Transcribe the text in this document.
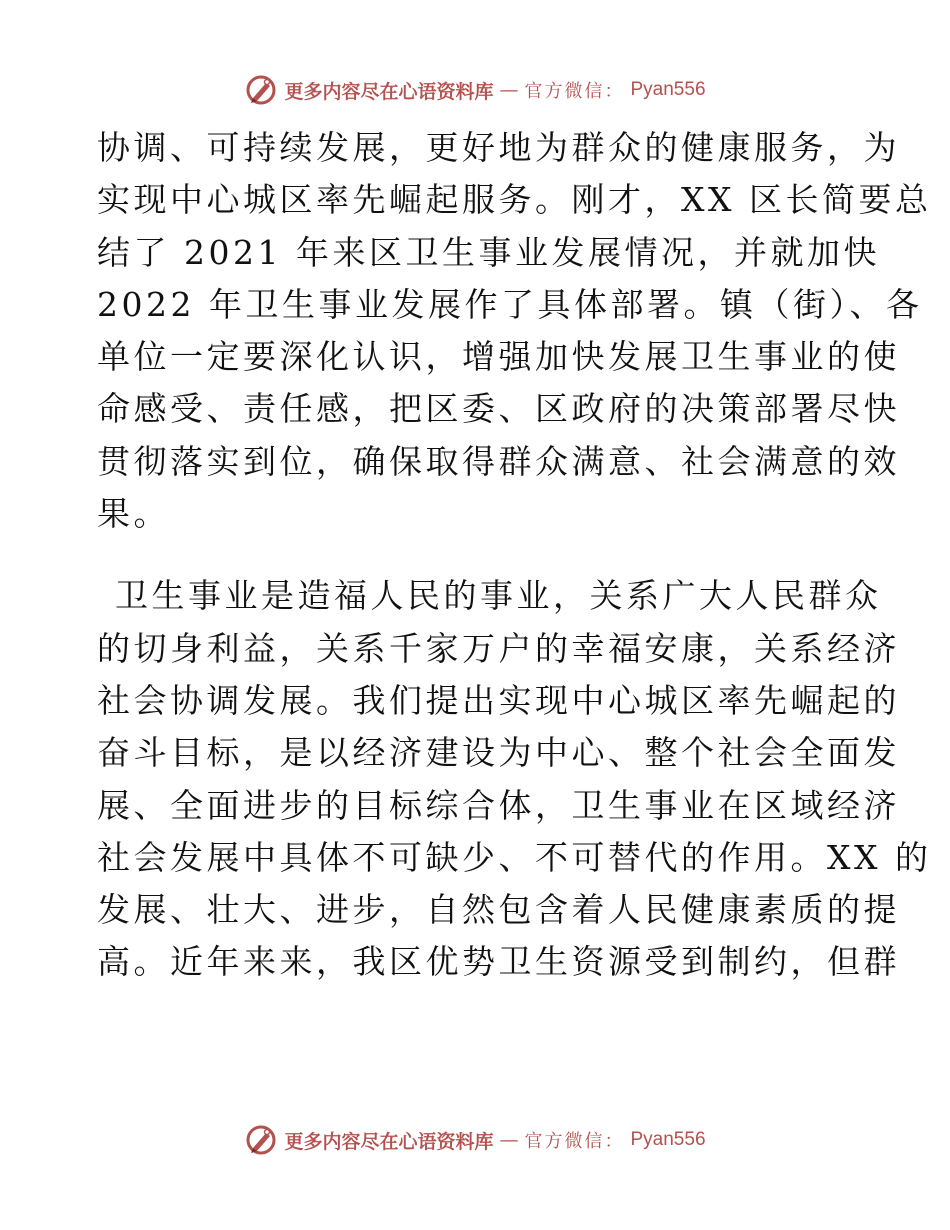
更多内容尽在心语资料库 — 官方微信： Pyan556
协调、可持续发展，更好地为群众的健康服务，为
实现中心城区率先崛起服务。刚才，XX 区长简要总
结了 2021 年来区卫生事业发展情况，并就加快
2022 年卫生事业发展作了具体部署。镇（街）、各
单位一定要深化认识，增强加快发展卫生事业的使
命感受、责任感，把区委、区政府的决策部署尽快
贯彻落实到位，确保取得群众满意、社会满意的效
果。
卫生事业是造福人民的事业，关系广大人民群众
的切身利益，关系千家万户的幸福安康，关系经济
社会协调发展。我们提出实现中心城区率先崛起的
奋斗目标，是以经济建设为中心、整个社会全面发
展、全面进步的目标综合体，卫生事业在区域经济
社会发展中具体不可缺少、不可替代的作用。XX 的
发展、壮大、进步，自然包含着人民健康素质的提
高。近年来来，我区优势卫生资源受到制约，但群
更多内容尽在心语资料库 — 官方微信： Pyan556
